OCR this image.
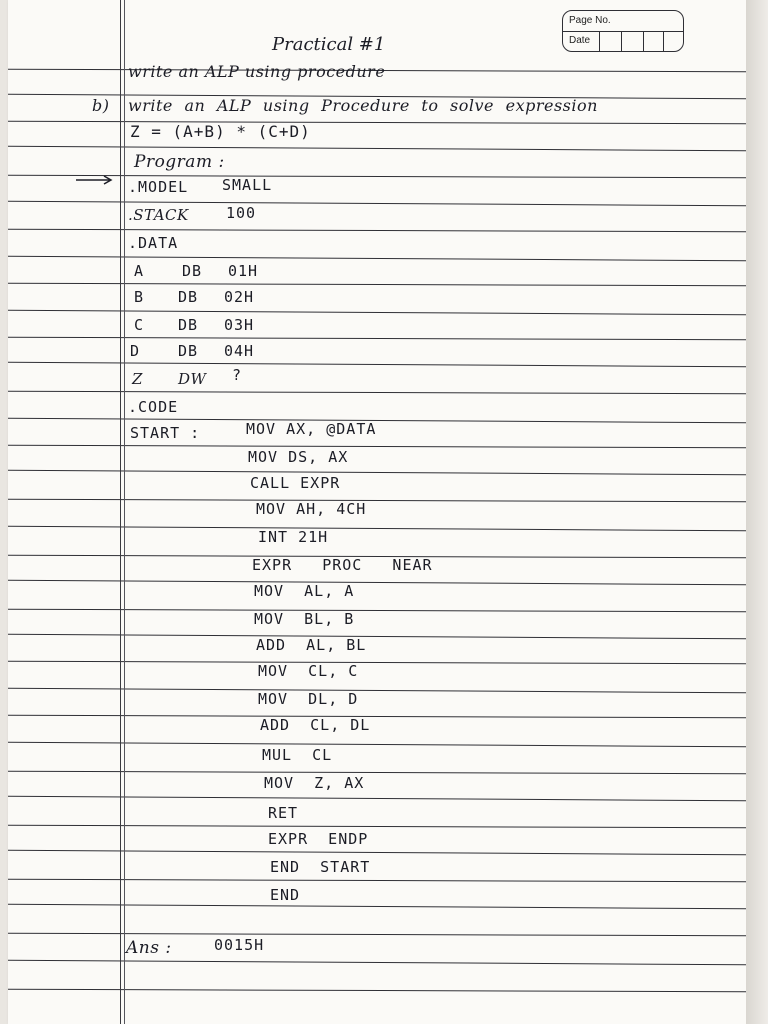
Page No.
Date
Practical #1
write an ALP using procedure
b) write an ALP using Procedure to solve expression
Z = (A+B) * (C+D)
Program :
.MODEL SMALL
.STACK 100
.DATA
A	DB 01H
B DB 02H
C DB 03H
D	DB 04H
Z DW ?
.CODE
START :	MOV AX, @DATA
MOV DS, AX
CALL EXPR
MOV AH, 4CH
INT 21H
EXPR   PROC   NEAR
MOV  AL, A
MOV  BL, B
ADD  AL, BL
MOV  CL, C
MOV  DL, D
ADD  CL, DL
MUL  CL
MOV  Z, AX
RET
EXPR  ENDP
END  START
END
Ans :	0015H
